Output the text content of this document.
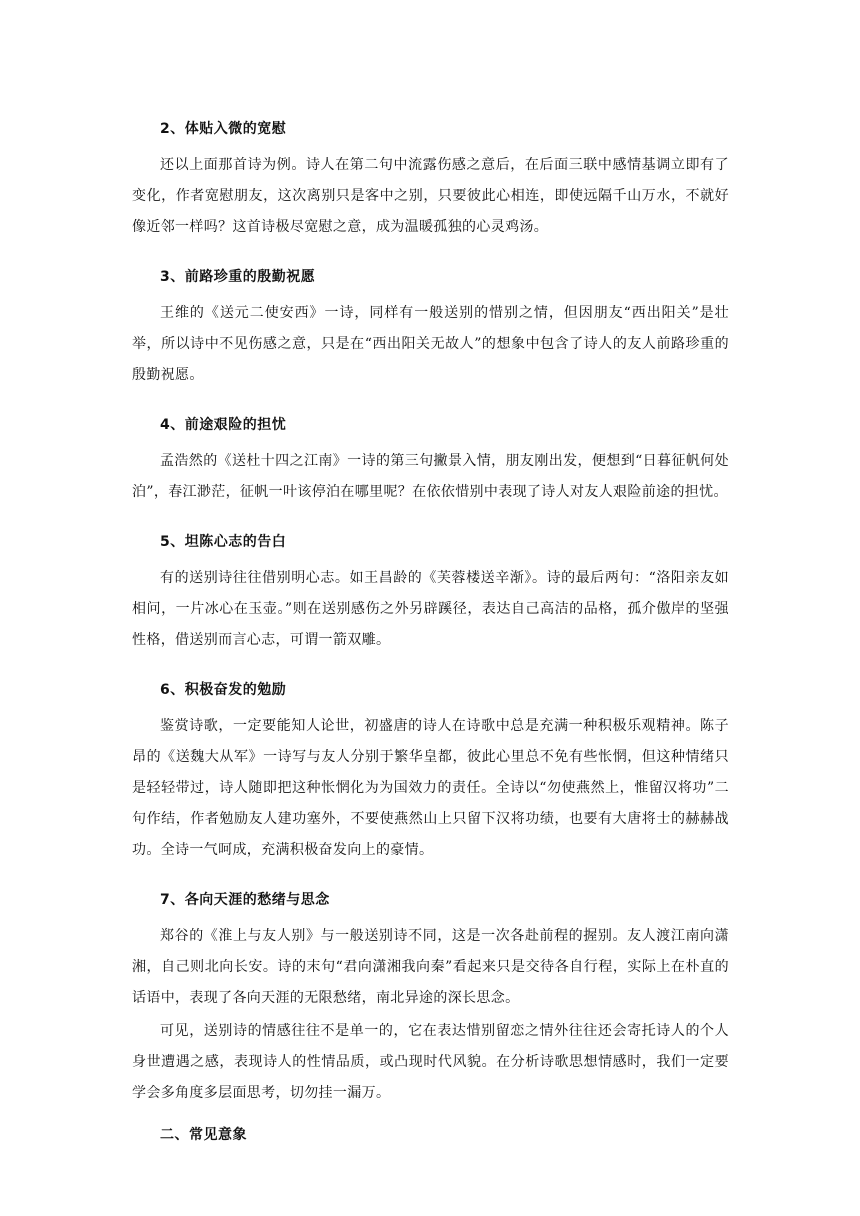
2、体贴入微的宽慰

还以上面那首诗为例。诗人在第二句中流露伤感之意后，在后面三联中感情基调立即有了变化，作者宽慰朋友，这次离别只是客中之别，只要彼此心相连，即使远隔千山万水，不就好像近邻一样吗？这首诗极尽宽慰之意，成为温暖孤独的心灵鸡汤。

3、前路珍重的殷勤祝愿

王维的《送元二使安西》一诗，同样有一般送别的惜别之情，但因朋友“西出阳关”是壮举，所以诗中不见伤感之意，只是在“西出阳关无故人”的想象中包含了诗人的友人前路珍重的殷勤祝愿。

4、前途艰险的担忧

孟浩然的《送杜十四之江南》一诗的第三句撇景入情，朋友刚出发，便想到“日暮征帆何处泊”，春江渺茫，征帆一叶该停泊在哪里呢？在依依惜别中表现了诗人对友人艰险前途的担忧。

5、坦陈心志的告白

有的送别诗往往借别明心志。如王昌龄的《芙蓉楼送辛渐》。诗的最后两句：“洛阳亲友如相问，一片冰心在玉壶。”则在送别感伤之外另辟蹊径，表达自己高洁的品格，孤介傲岸的坚强性格，借送别而言心志，可谓一箭双雕。

6、积极奋发的勉励

鉴赏诗歌，一定要能知人论世，初盛唐的诗人在诗歌中总是充满一种积极乐观精神。陈子昂的《送魏大从军》一诗写与友人分别于繁华皇都，彼此心里总不免有些怅惘，但这种情绪只是轻轻带过，诗人随即把这种怅惘化为为国效力的责任。全诗以“勿使燕然上，惟留汉将功”二句作结，作者勉励友人建功塞外，不要使燕然山上只留下汉将功绩，也要有大唐将士的赫赫战功。全诗一气呵成，充满积极奋发向上的豪情。

7、各向天涯的愁绪与思念

郑谷的《淮上与友人别》与一般送别诗不同，这是一次各赴前程的握别。友人渡江南向潇湘，自己则北向长安。诗的末句“君向潇湘我向秦”看起来只是交待各自行程，实际上在朴直的话语中，表现了各向天涯的无限愁绪，南北异途的深长思念。

可见，送别诗的情感往往不是单一的，它在表达惜别留恋之情外往往还会寄托诗人的个人身世遭遇之感，表现诗人的性情品质，或凸现时代风貌。在分析诗歌思想情感时，我们一定要学会多角度多层面思考，切勿挂一漏万。

二、常见意象
